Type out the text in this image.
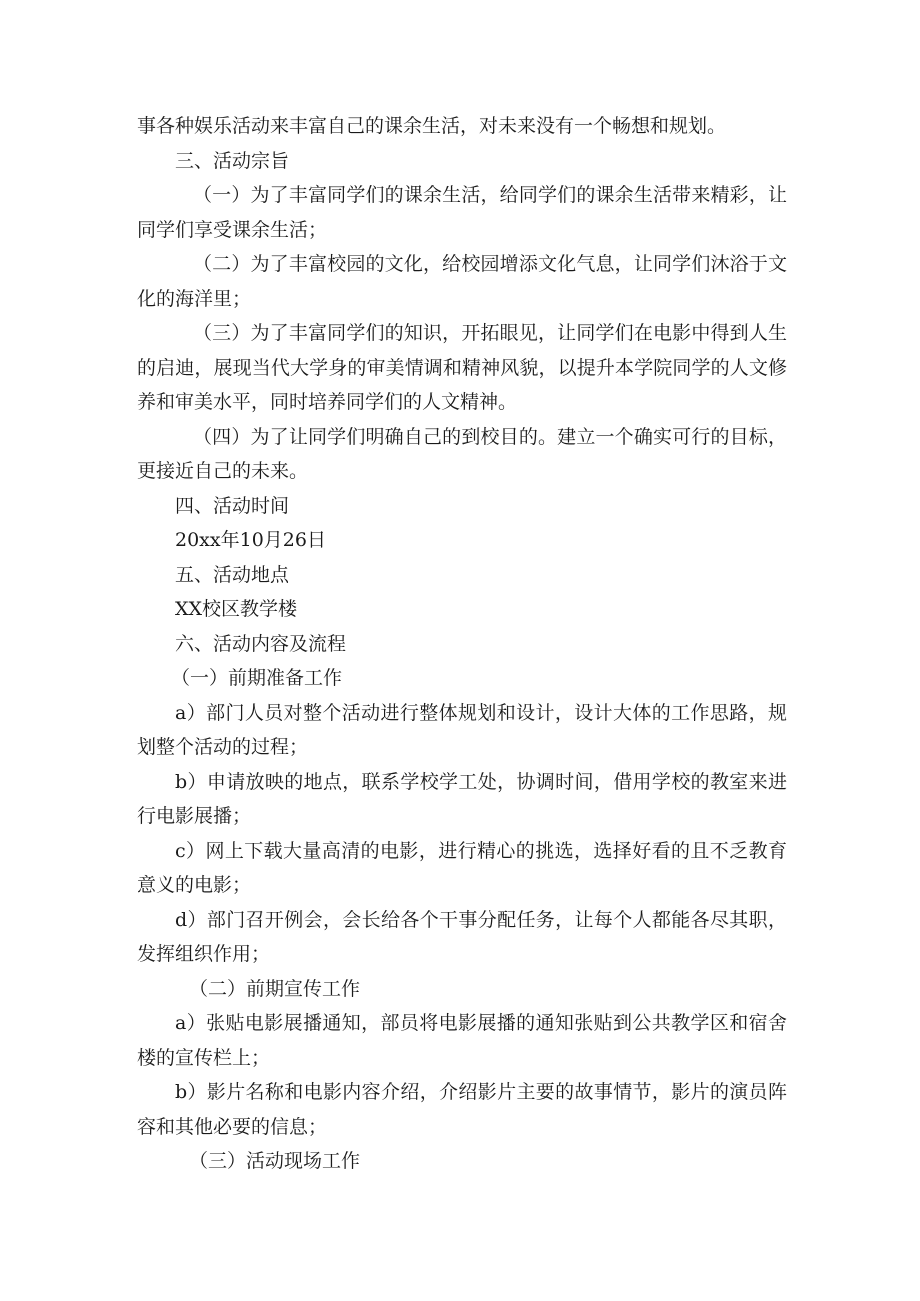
事各种娱乐活动来丰富自己的课余生活，对未来没有一个畅想和规划。

三、活动宗旨

（一）为了丰富同学们的课余生活，给同学们的课余生活带来精彩，让同学们享受课余生活；

（二）为了丰富校园的文化，给校园增添文化气息，让同学们沐浴于文化的海洋里；

（三）为了丰富同学们的知识，开拓眼见，让同学们在电影中得到人生的启迪，展现当代大学身的审美情调和精神风貌，以提升本学院同学的人文修养和审美水平，同时培养同学们的人文精神。

（四）为了让同学们明确自己的到校目的。建立一个确实可行的目标，更接近自己的未来。

四、活动时间

20xx年10月26日

五、活动地点

XX校区教学楼

六、活动内容及流程

（一）前期准备工作

a）部门人员对整个活动进行整体规划和设计，设计大体的工作思路，规划整个活动的过程；

b）申请放映的地点，联系学校学工处，协调时间，借用学校的教室来进行电影展播；

c）网上下载大量高清的电影，进行精心的挑选，选择好看的且不乏教育意义的电影；

d）部门召开例会，会长给各个干事分配任务，让每个人都能各尽其职，发挥组织作用；

（二）前期宣传工作

a）张贴电影展播通知，部员将电影展播的通知张贴到公共教学区和宿舍楼的宣传栏上；

b）影片名称和电影内容介绍，介绍影片主要的故事情节，影片的演员阵容和其他必要的信息；

（三）活动现场工作
